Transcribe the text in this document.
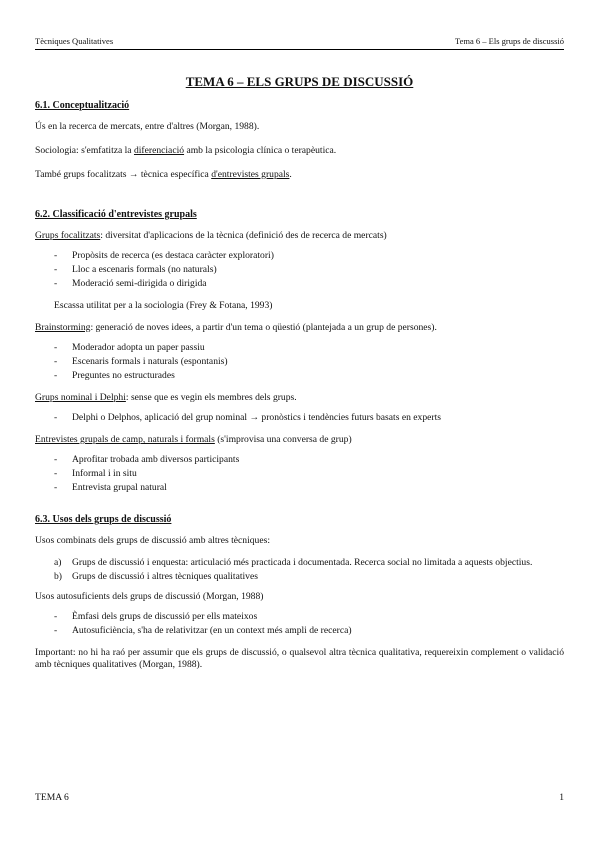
Tècniques Qualitatives	Tema 6 – Els grups de discussió
TEMA 6 – ELS GRUPS DE DISCUSSIÓ
6.1. Conceptualització

Ús en la recerca de mercats, entre d'altres (Morgan, 1988).

Sociologia: s'emfatitza la diferenciació amb la psicologia clínica o terapèutica.

També grups focalitzats → tècnica específica d'entrevistes grupals.

6.2. Classificació d'entrevistes grupals

Grups focalitzats: diversitat d'aplicacions de la tècnica (definició des de recerca de mercats)

- Propòsits de recerca (es destaca caràcter exploratori)
- Lloc a escenaris formals (no naturals)
- Moderació semi-dirigida o dirigida
Escassa utilitat per a la sociologia (Frey & Fotana, 1993)

Brainstorming: generació de noves idees, a partir d'un tema o qüestió (plantejada a un grup de persones).

- Moderador adopta un paper passiu
- Escenaris formals i naturals (espontanis)
- Preguntes no estructurades

Grups nominal i Delphi: sense que es vegin els membres dels grups.

- Delphi o Delphos, aplicació del grup nominal → pronòstics i tendències futurs basats en experts

Entrevistes grupals de camp, naturals i formals (s'improvisa una conversa de grup)

- Aprofitar trobada amb diversos participants
- Informal i in situ
- Entrevista grupal natural
6.3. Usos dels grups de discussió

Usos combinats dels grups de discussió amb altres tècniques:

a) Grups de discussió i enquesta: articulació més practicada i documentada. Recerca social no limitada a aquests objectius.
b) Grups de discussió i altres tècniques qualitatives

Usos autosuficients dels grups de discussió (Morgan, 1988)

- Èmfasi dels grups de discussió per ells mateixos
- Autosuficiència, s'ha de relativitzar (en un context més ampli de recerca)

Important: no hi ha raó per assumir que els grups de discussió, o qualsevol altra tècnica qualitativa, requereixin complement o validació amb tècniques qualitatives (Morgan, 1988).

TEMA 6	1
